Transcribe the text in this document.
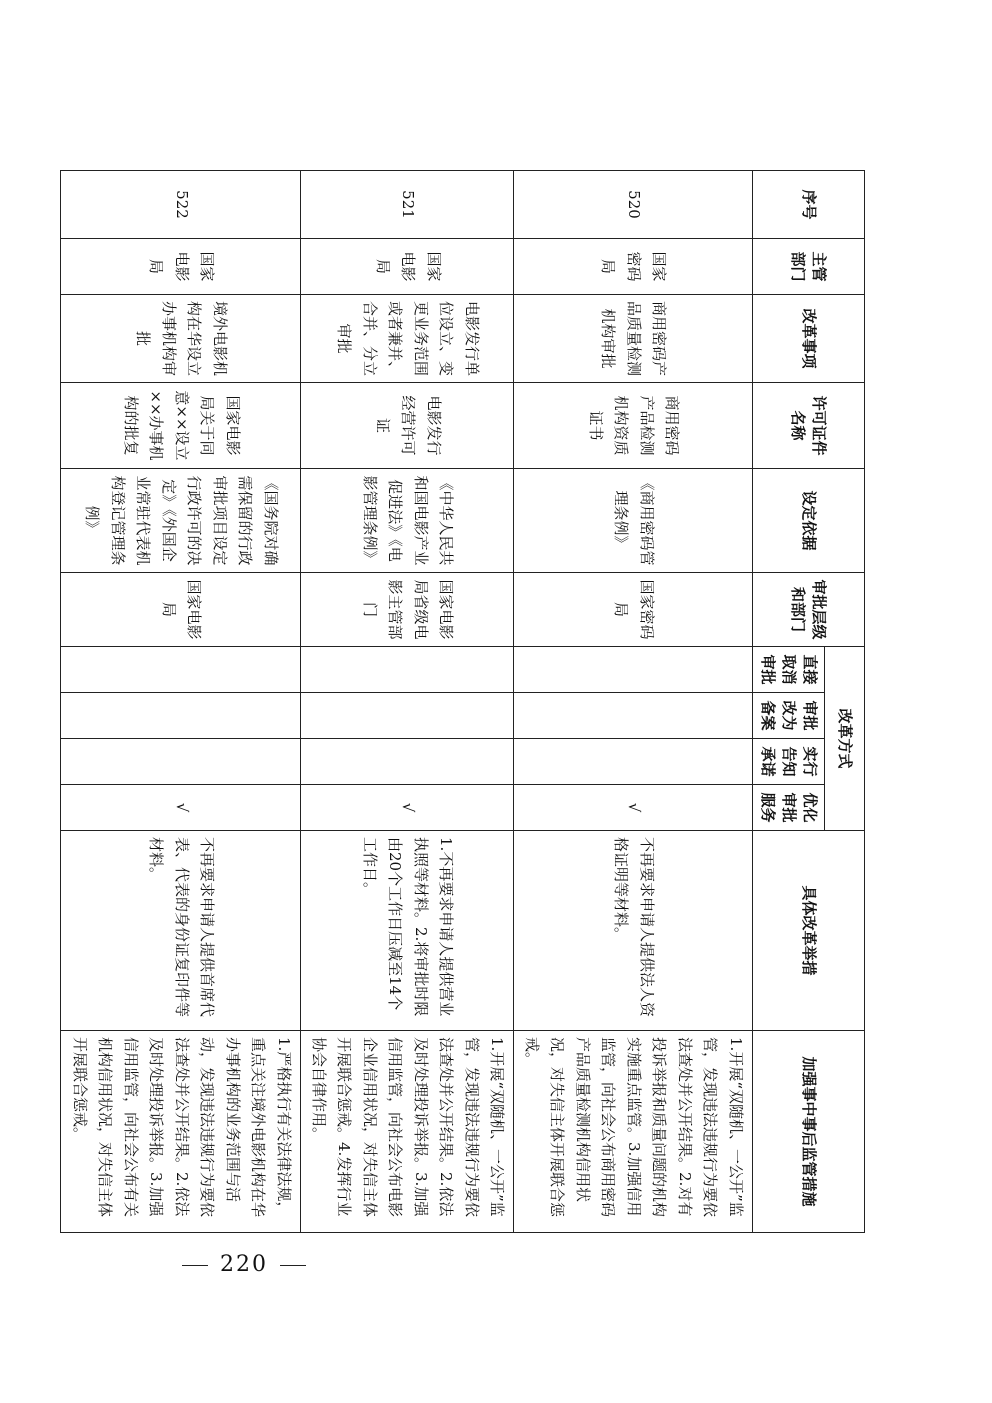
序号	主管部门	改革事项	许可证件名称	设定依据	审批层级和部门	改革方式				具体改革举措	加强事中事后监管措施
						直接取消审批	审批改为备案	实行告知承诺	优化审批服务		
520	国家密码局	商用密码产品质量检测机构审批	商用密码产品检测机构资质证书	《商用密码管理条例》	国家密码局				√	不再要求申请人提供法人资格证明等材料。	1.开展“双随机、一公开”监管，发现违法违规行为要依法查处并公开结果。2.对有投诉举报和质量问题的机构实施重点监管。3.加强信用监管，向社会公布商用密码产品质量检测机构信用状况，对失信主体开展联合惩戒。
521	国家电影局	电影发行单位设立、变更业务范围或者兼并、合并、分立审批	电影发行经营许可证	《中华人民共和国电影产业促进法》《电影管理条例》	国家电影局省级电影主管部门				√	1.不再要求申请人提供营业执照等材料。2.将审批时限由20个工作日压减至14个工作日。	1.开展“双随机、一公开”监管，发现违法违规行为要依法查处并公开结果。2.依法及时处理投诉举报。3.加强信用监管，向社会公布电影企业信用状况，对失信主体开展联合惩戒。4.发挥行业协会自律作用。
522	国家电影局	境外电影机构在华设立办事机构审批	国家电影局关于同意××设立××办事机构的批复	《国务院对确需保留的行政审批项目设定行政许可的决定》《外国企业常驻代表机构登记管理条例》	国家电影局				√	不再要求申请人提供首席代表、代表的身份证复印件等材料。	1.严格执行有关法律法规，重点关注境外电影机构在华办事机构的业务范围与活动，发现违法违规行为要依法查处并公开结果。2.依法及时处理投诉举报。3.加强信用监管，向社会公布有关机构信用状况，对失信主体开展联合惩戒。
220
